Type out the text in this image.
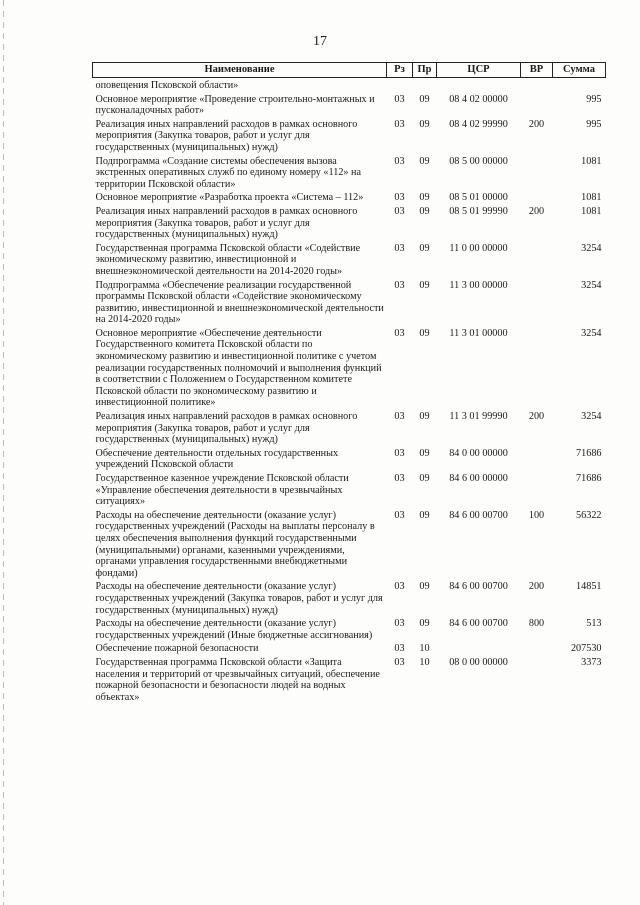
17
Наименование	Рз	Пр	ЦСР	ВР	Сумма
оповещения Псковской области»					
Основное мероприятие «Проведение строительно-монтажных и пусконаладочных работ»	03	09	08 4 02 00000		995
Реализация иных направлений расходов в рамках основного мероприятия (Закупка товаров, работ и услуг для государственных (муниципальных) нужд)	03	09	08 4 02 99990	200	995
Подпрограмма «Создание системы обеспечения вызова экстренных оперативных служб по единому номеру «112» на территории Псковской области»	03	09	08 5 00 00000		1081
Основное мероприятие «Разработка проекта «Система – 112»	03	09	08 5 01 00000		1081
Реализация иных направлений расходов в рамках основного мероприятия (Закупка товаров, работ и услуг для государственных (муниципальных) нужд)	03	09	08 5 01 99990	200	1081
Государственная программа Псковской области «Содействие экономическому развитию, инвестиционной и внешнеэкономической деятельности на 2014-2020 годы»	03	09	11 0 00 00000		3254
Подпрограмма «Обеспечение реализации государственной программы Псковской области «Содействие экономическому развитию, инвестиционной и внешнеэкономической деятельности на 2014-2020 годы»	03	09	11 3 00 00000		3254
Основное мероприятие «Обеспечение деятельности Государственного комитета Псковской области по экономическому развитию и инвестиционной политике с учетом реализации государственных полномочий и выполнения функций в соответствии с Положением о Государственном комитете Псковской области по экономическому развитию и инвестиционной политике»	03	09	11 3 01 00000		3254
Реализация иных направлений расходов в рамках основного мероприятия (Закупка товаров, работ и услуг для государственных (муниципальных) нужд)	03	09	11 3 01 99990	200	3254
Обеспечение деятельности отдельных государственных учреждений Псковской области	03	09	84 0 00 00000		71686
Государственное казенное учреждение Псковской области «Управление обеспечения деятельности в чрезвычайных ситуациях»	03	09	84 6 00 00000		71686
Расходы на обеспечение деятельности (оказание услуг) государственных учреждений (Расходы на выплаты персоналу в целях обеспечения выполнения функций государственными (муниципальными) органами, казенными учреждениями, органами управления государственными внебюджетными фондами)	03	09	84 6 00 00700	100	56322
Расходы на обеспечение деятельности (оказание услуг) государственных учреждений (Закупка товаров, работ и услуг для государственных (муниципальных) нужд)	03	09	84 6 00 00700	200	14851
Расходы на обеспечение деятельности (оказание услуг) государственных учреждений (Иные бюджетные ассигнования)	03	09	84 6 00 00700	800	513
Обеспечение пожарной безопасности	03	10			207530
Государственная программа Псковской области «Защита населения и территорий от чрезвычайных ситуаций, обеспечение пожарной безопасности и безопасности людей на водных объектах»	03	10	08 0 00 00000		3373
